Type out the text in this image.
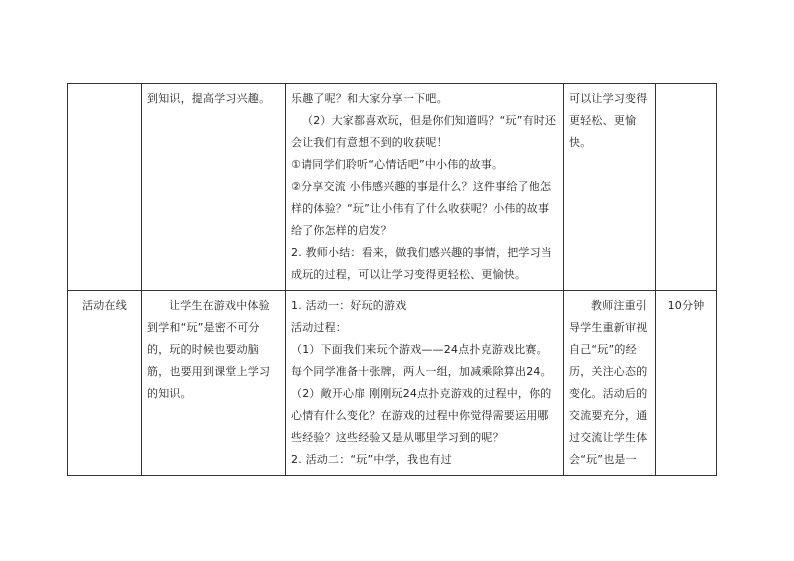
	到知识，提高学习兴趣。	乐趣了呢？和大家分享一下吧。

（2）大家都喜欢玩，但是你们知道吗？“玩”有时还会让我们有意想不到的收获呢！

①请同学们聆听“心情话吧”中小伟的故事。

②分享交流 小伟感兴趣的事是什么？这件事给了他怎样的体验？“玩”让小伟有了什么收获呢？小伟的故事给了你怎样的启发？

2. 教师小结：看来，做我们感兴趣的事情，把学习当成玩的过程，可以让学习变得更轻松、更愉快。	可以让学习变得更轻松、更愉快。	

活动在线	让学生在游戏中体验到学和“玩”是密不可分的，玩的时候也要动脑筋，也要用到课堂上学习的知识。	1. 活动一：好玩的游戏

活动过程：

（1）下面我们来玩个游戏——24点扑克游戏比赛。每个同学准备十张牌，两人一组，加减乘除算出24。

（2）敞开心扉 刚刚玩24点扑克游戏的过程中，你的心情有什么变化？在游戏的过程中你觉得需要运用哪些经验？这些经验又是从哪里学习到的呢？

2. 活动二：“玩”中学，我也有过	教师注重引导学生重新审视自己“玩”的经历，关注心态的变化。活动后的交流要充分，通过交流让学生体会“玩”也是一	10分钟
